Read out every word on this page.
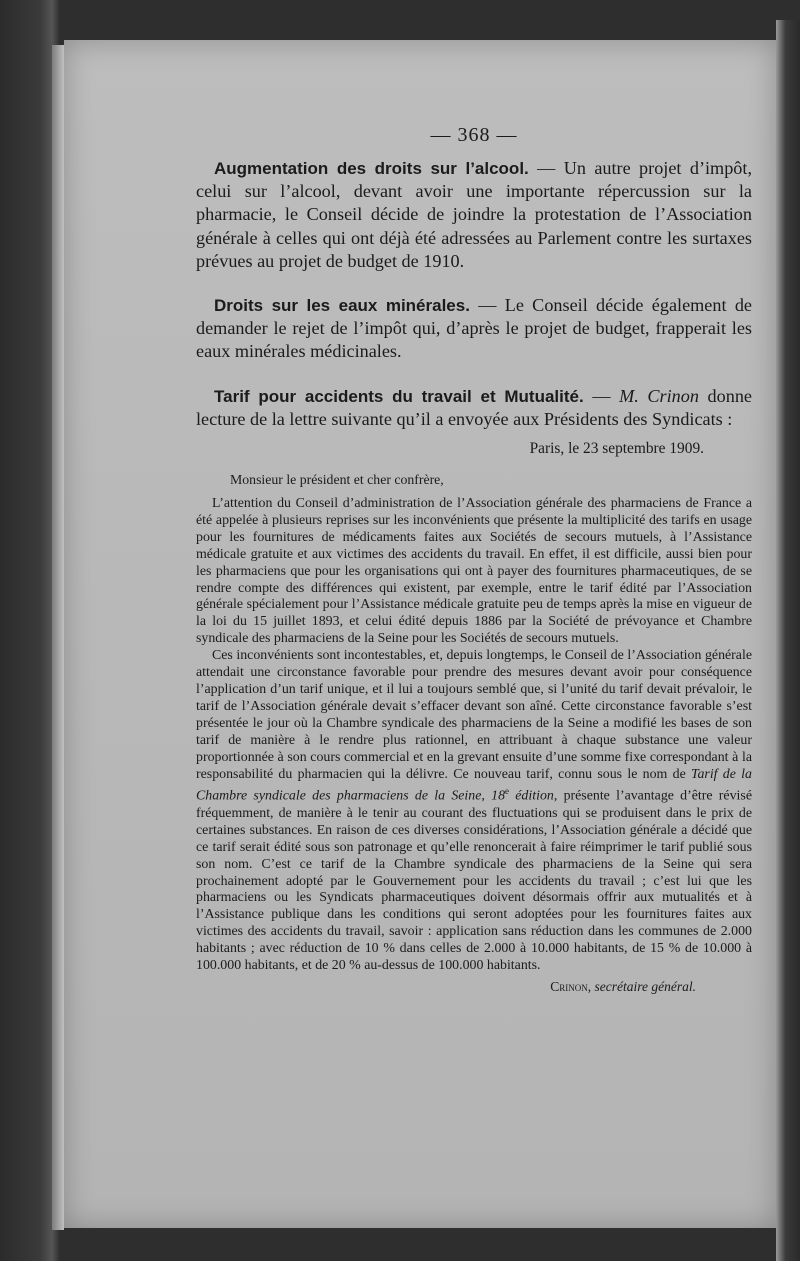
— 368 —

Augmentation des droits sur l’alcool. — Un autre projet d’impôt, celui sur l’alcool, devant avoir une importante répercussion sur la pharmacie, le Conseil décide de joindre la protestation de l’Association générale à celles qui ont déjà été adressées au Parlement contre les surtaxes prévues au projet de budget de 1910.

Droits sur les eaux minérales. — Le Conseil décide également de demander le rejet de l’impôt qui, d’après le projet de budget, frapperait les eaux minérales médicinales.

Tarif pour accidents du travail et Mutualité. — M. Crinon donne lecture de la lettre suivante qu’il a envoyée aux Présidents des Syndicats :

Paris, le 23 septembre 1909.

Monsieur le président et cher confrère,

L’attention du Conseil d’administration de l’Association générale des pharmaciens de France a été appelée à plusieurs reprises sur les inconvénients que présente la multiplicité des tarifs en usage pour les fournitures de médicaments faites aux Sociétés de secours mutuels, à l’Assistance médicale gratuite et aux victimes des accidents du travail. En effet, il est difficile, aussi bien pour les pharmaciens que pour les organisations qui ont à payer des fournitures pharmaceutiques, de se rendre compte des différences qui existent, par exemple, entre le tarif édité par l’Association générale spécialement pour l’Assistance médicale gratuite peu de temps après la mise en vigueur de la loi du 15 juillet 1893, et celui édité depuis 1886 par la Société de prévoyance et Chambre syndicale des pharmaciens de la Seine pour les Sociétés de secours mutuels.

Ces inconvénients sont incontestables, et, depuis longtemps, le Conseil de l’Association générale attendait une circonstance favorable pour prendre des mesures devant avoir pour conséquence l’application d’un tarif unique, et il lui a toujours semblé que, si l’unité du tarif devait prévaloir, le tarif de l’Association générale devait s’effacer devant son aîné. Cette circonstance favorable s’est présentée le jour où la Chambre syndicale des pharmaciens de la Seine a modifié les bases de son tarif de manière à le rendre plus rationnel, en attribuant à chaque substance une valeur proportionnée à son cours commercial et en la grevant ensuite d’une somme fixe correspondant à la responsabilité du pharmacien qui la délivre. Ce nouveau tarif, connu sous le nom de Tarif de la Chambre syndicale des pharmaciens de la Seine, 18e édition, présente l’avantage d’être révisé fréquemment, de manière à le tenir au courant des fluctuations qui se produisent dans le prix de certaines substances. En raison de ces diverses considérations, l’Association générale a décidé que ce tarif serait édité sous son patronage et qu’elle renoncerait à faire réimprimer le tarif publié sous son nom. C’est ce tarif de la Chambre syndicale des pharmaciens de la Seine qui sera prochainement adopté par le Gouvernement pour les accidents du travail ; c’est lui que les pharmaciens ou les Syndicats pharmaceutiques doivent désormais offrir aux mutualités et à l’Assistance publique dans les conditions qui seront adoptées pour les fournitures faites aux victimes des accidents du travail, savoir : application sans réduction dans les communes de 2.000 habitants ; avec réduction de 10 % dans celles de 2.000 à 10.000 habitants, de 15 % de 10.000 à 100.000 habitants, et de 20 % au-dessus de 100.000 habitants.

Crinon, secrétaire général.
